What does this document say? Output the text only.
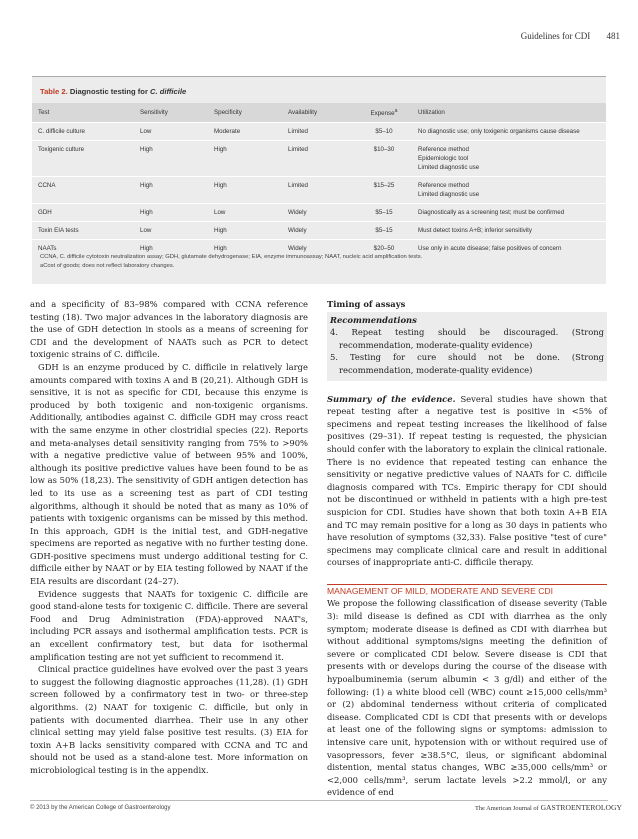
Guidelines for CDI 481
Table 2. Diagnostic testing for C. difficile
Test	Sensitivity	Specificity	Availability	Expense$^a$	Utilization
C. difficile culture	Low	Moderate	Limited	$5–10	No diagnostic use; only toxigenic organisms cause disease

Toxigenic culture	High	High	Limited	$10–30	Reference method
Epidemiologic tool
Limited diagnostic use

CCNA	High	High	Limited	$15–25	Reference method
Limited diagnostic use

GDH	High	Low	Widely	$5–15	Diagnostically as a screening test; must be confirmed

Toxin EIA tests	Low	High	Widely	$5–15	Must detect toxins A+B; inferior sensitivity

NAATs	High	High	Widely	$20–50	Use only in acute disease; false positives of concern
CCNA, C. difficile cytotoxin neutralization assay; GDH, glutamate dehydrogenase; EIA, enzyme immunoassay; NAAT, nucleic acid amplification tests.
aCost of goods; does not reflect laboratory changes.

and a specificity of 83–98% compared with CCNA reference testing (18). Two major advances in the laboratory diagnosis are the use of GDH detection in stools as a means of screening for CDI and the development of NAATs such as PCR to detect toxigenic strains of C. difficile.

GDH is an enzyme produced by C. difficile in relatively large amounts compared with toxins A and B (20,21). Although GDH is sensitive, it is not as specific for CDI, because this enzyme is produced by both toxigenic and non-toxigenic organisms. Additionally, antibodies against C. difficile GDH may cross react with the same enzyme in other clostridial species (22). Reports and meta-analyses detail sensitivity ranging from 75% to >90% with a negative predictive value of between 95% and 100%, although its positive predictive values have been found to be as low as 50% (18,23). The sensitivity of GDH antigen detection has led to its use as a screening test as part of CDI testing algorithms, although it should be noted that as many as 10% of patients with toxigenic organisms can be missed by this method. In this approach, GDH is the initial test, and GDH-negative specimens are reported as negative with no further testing done. GDH-positive specimens must undergo additional testing for C. difficile either by NAAT or by EIA testing followed by NAAT if the EIA results are discordant (24–27).

Evidence suggests that NAATs for toxigenic C. difficile are good stand-alone tests for toxigenic C. difficile. There are several Food and Drug Administration (FDA)-approved NAAT's, including PCR assays and isothermal amplification tests. PCR is an excellent confirmatory test, but data for isothermal amplification testing are not yet sufficient to recommend it.

Clinical practice guidelines have evolved over the past 3 years to suggest the following diagnostic approaches (11,28). (1) GDH screen followed by a confirmatory test in two- or three-step algorithms. (2) NAAT for toxigenic C. difficile, but only in patients with documented diarrhea. Their use in any other clinical setting may yield false positive test results. (3) EIA for toxin A+B lacks sensitivity compared with CCNA and TC and should not be used as a stand-alone test. More information on microbiological testing is in the appendix.

Timing of assays

Recommendations

4. Repeat testing should be discouraged. (Strong recommendation, moderate-quality evidence)

5. Testing for cure should not be done. (Strong recommendation, moderate-quality evidence)

Summary of the evidence. Several studies have shown that repeat testing after a negative test is positive in <5% of specimens and repeat testing increases the likelihood of false positives (29–31). If repeat testing is requested, the physician should confer with the laboratory to explain the clinical rationale. There is no evidence that repeated testing can enhance the sensitivity or negative predictive values of NAATs for C. difficile diagnosis compared with TCs. Empiric therapy for CDI should not be discontinued or withheld in patients with a high pre-test suspicion for CDI. Studies have shown that both toxin A+B EIA and TC may remain positive for a long as 30 days in patients who have resolution of symptoms (32,33). False positive "test of cure" specimens may complicate clinical care and result in additional courses of inappropriate anti-C. difficile therapy.

MANAGEMENT OF MILD, MODERATE AND SEVERE CDI

We propose the following classification of disease severity (Table 3): mild disease is defined as CDI with diarrhea as the only symptom; moderate disease is defined as CDI with diarrhea but without additional symptoms/signs meeting the definition of severe or complicated CDI below. Severe disease is CDI that presents with or develops during the course of the disease with hypoalbuminemia (serum albumin < 3 g/dl) and either of the following: (1) a white blood cell (WBC) count ≥15,000 cells/mm³ or (2) abdominal tenderness without criteria of complicated disease. Complicated CDI is CDI that presents with or develops at least one of the following signs or symptoms: admission to intensive care unit, hypotension with or without required use of vasopressors, fever ≥38.5°C, ileus, or significant abdominal distention, mental status changes, WBC ≥35,000 cells/mm³ or <2,000 cells/mm³, serum lactate levels >2.2 mmol/l, or any evidence of end

© 2013 by the American College of Gastroenterology	The American Journal of GASTROENTEROLOGY
